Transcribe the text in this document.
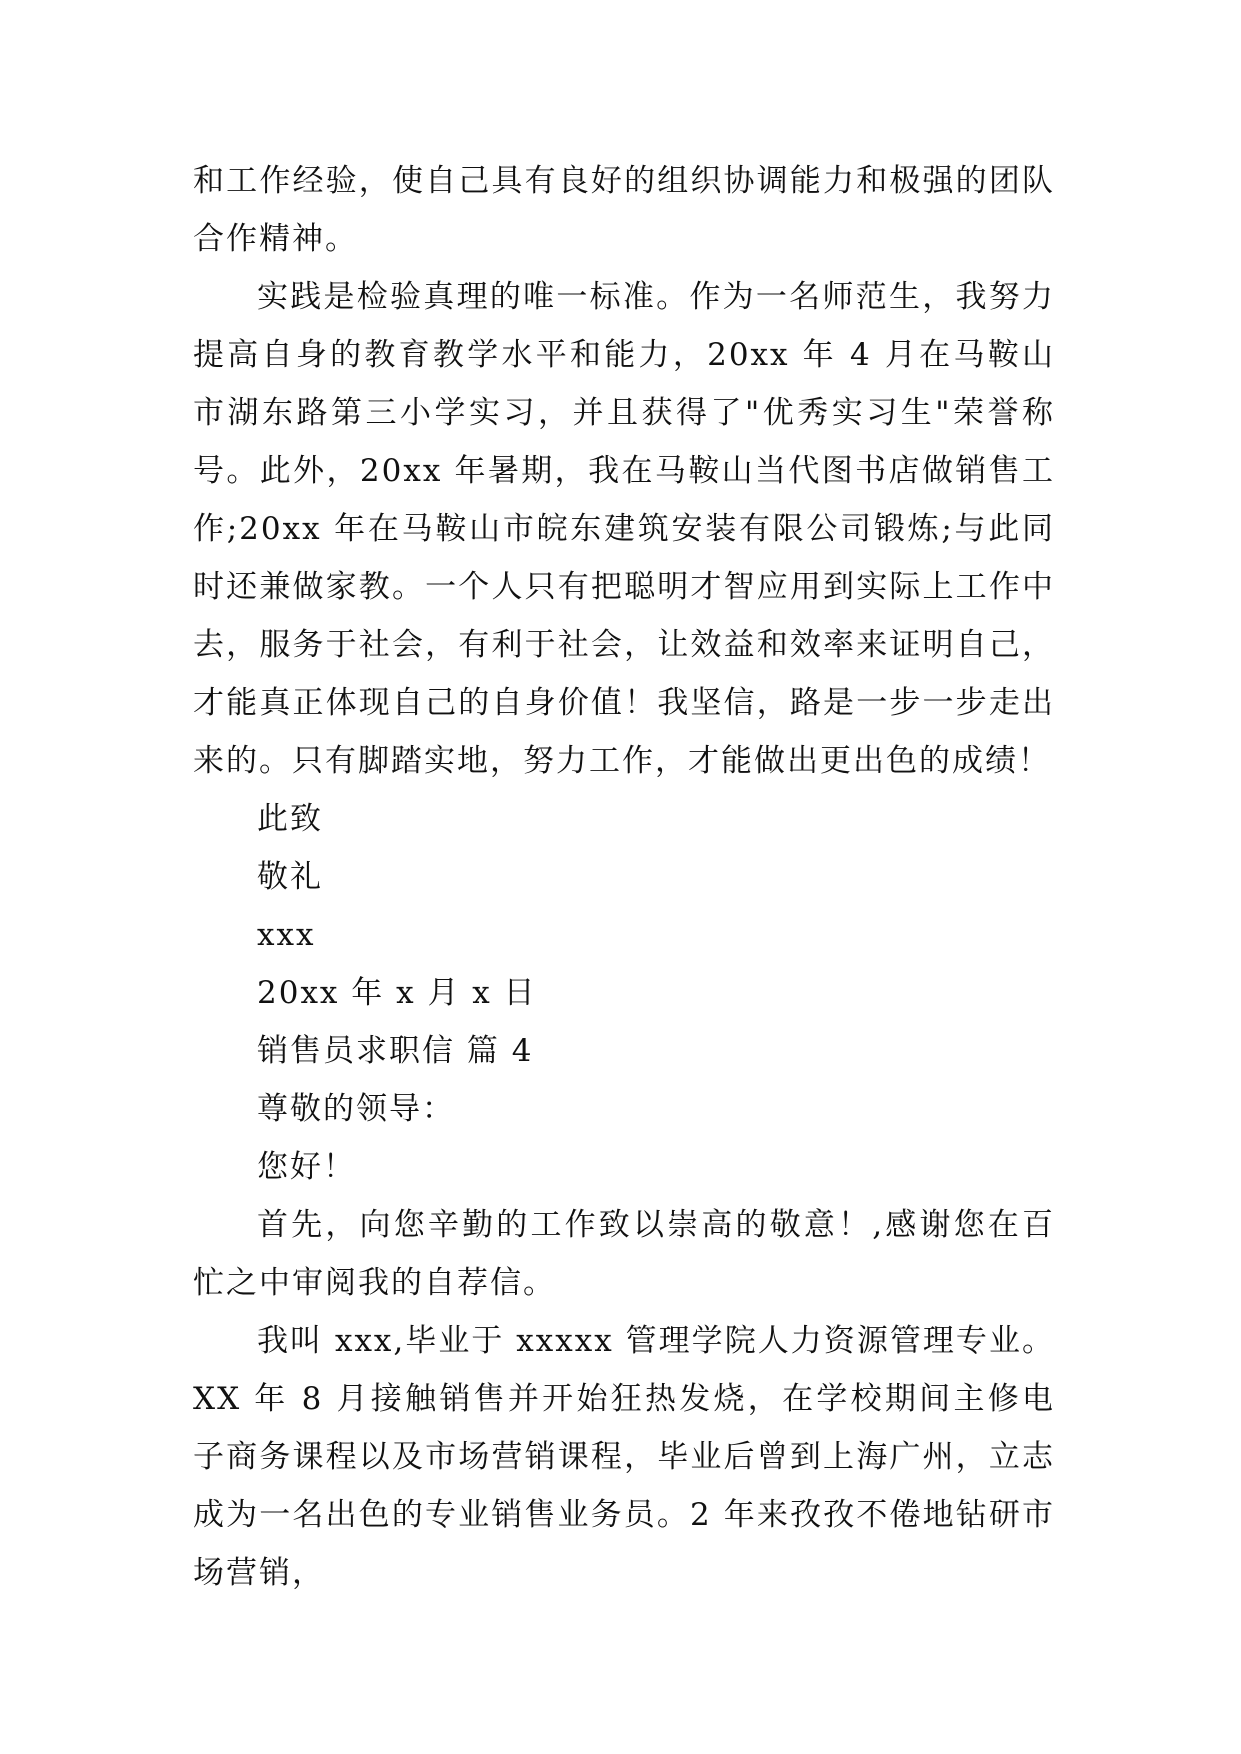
和工作经验，使自己具有良好的组织协调能力和极强的团队合作精神。

实践是检验真理的唯一标准。作为一名师范生，我努力提高自身的教育教学水平和能力，20xx 年 4 月在马鞍山市湖东路第三小学实习，并且获得了"优秀实习生"荣誉称号。此外，20xx 年暑期，我在马鞍山当代图书店做销售工作;20xx 年在马鞍山市皖东建筑安装有限公司锻炼;与此同时还兼做家教。一个人只有把聪明才智应用到实际上工作中去，服务于社会，有利于社会，让效益和效率来证明自己，才能真正体现自己的自身价值！我坚信，路是一步一步走出来的。只有脚踏实地，努力工作，才能做出更出色的成绩！

此致

敬礼

xxx

20xx 年 x 月 x 日

销售员求职信 篇 4

尊敬的领导：

您好！

首先，向您辛勤的工作致以崇高的敬意！,感谢您在百忙之中审阅我的自荐信。

我叫 xxx,毕业于 xxxxx 管理学院人力资源管理专业。XX 年 8 月接触销售并开始狂热发烧，在学校期间主修电子商务课程以及市场营销课程，毕业后曾到上海广州，立志成为一名出色的专业销售业务员。2 年来孜孜不倦地钻研市场营销，
